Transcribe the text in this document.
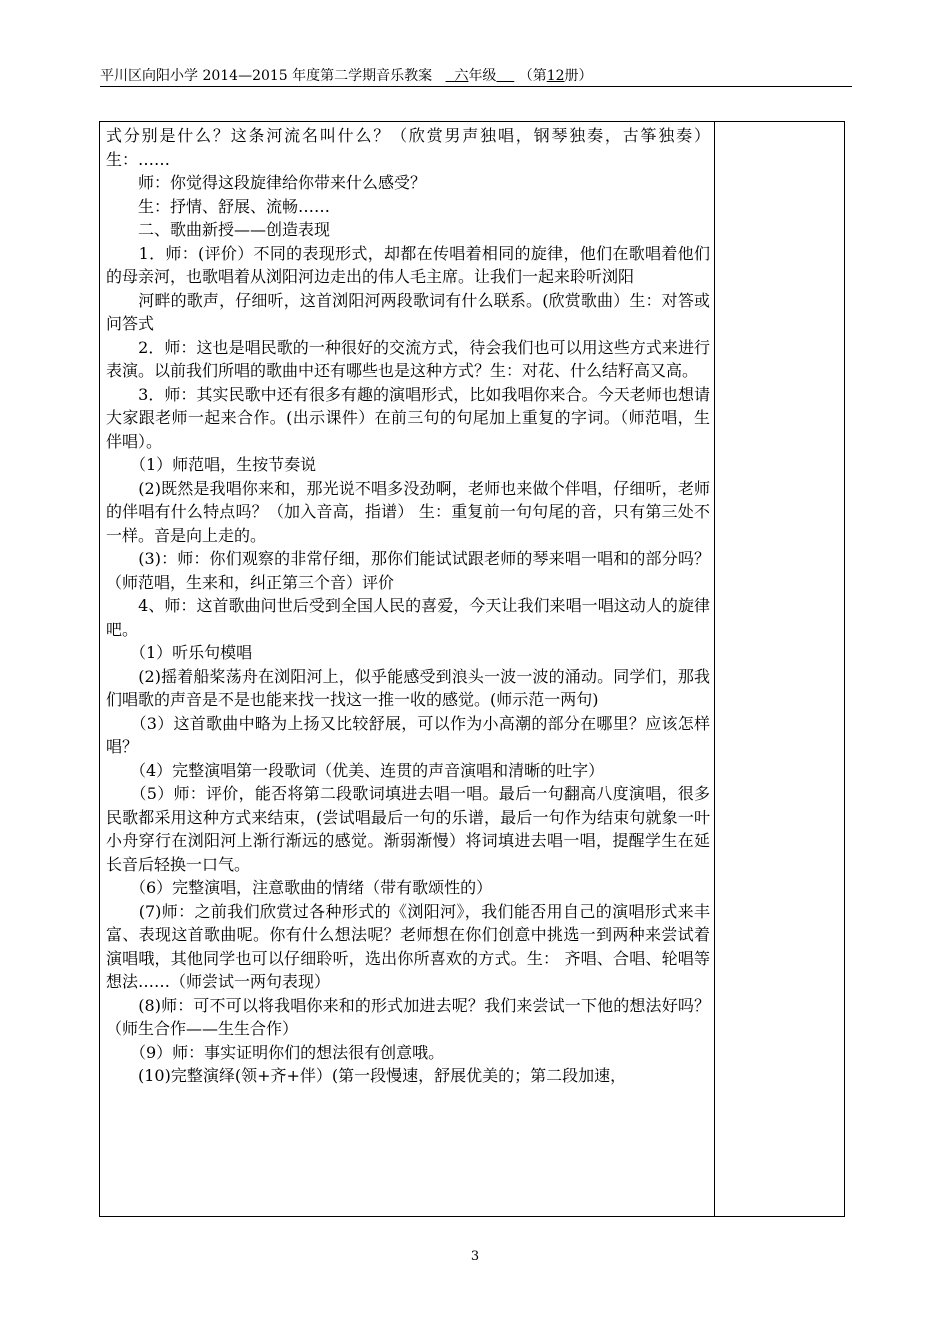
平川区向阳小学 2014—2015 年度第二学期音乐教案 六年级 （第12册）

式分别是什么？这条河流名叫什么？（欣赏男声独唱，钢琴独奏，古筝独奏） 生：……

　　师：你觉得这段旋律给你带来什么感受？

　　生：抒情、舒展、流畅……

　　二、歌曲新授——创造表现

　　1．师：(评价）不同的表现形式，却都在传唱着相同的旋律，他们在歌唱着他们的母亲河，也歌唱着从浏阳河边走出的伟人毛主席。让我们一起来聆听浏阳

　　河畔的歌声，仔细听，这首浏阳河两段歌词有什么联系。(欣赏歌曲）生：对答或问答式

　　2．师：这也是唱民歌的一种很好的交流方式，待会我们也可以用这些方式来进行表演。以前我们所唱的歌曲中还有哪些也是这种方式？生：对花、什么结籽高又高。

　　3．师：其实民歌中还有很多有趣的演唱形式，比如我唱你来合。今天老师也想请大家跟老师一起来合作。(出示课件）在前三句的句尾加上重复的字词。（师范唱，生伴唱）。

　　（1）师范唱，生按节奏说

　　(2)既然是我唱你来和，那光说不唱多没劲啊，老师也来做个伴唱，仔细听，老师的伴唱有什么特点吗？（加入音高，指谱） 生：重复前一句句尾的音，只有第三处不一样。音是向上走的。

　　(3)：师：你们观察的非常仔细，那你们能试试跟老师的琴来唱一唱和的部分吗？（师范唱，生来和，纠正第三个音）评价

　　4、师：这首歌曲问世后受到全国人民的喜爱，今天让我们来唱一唱这动人的旋律吧。

　　（1）听乐句模唱

　　(2)摇着船桨荡舟在浏阳河上，似乎能感受到浪头一波一波的涌动。同学们，那我们唱歌的声音是不是也能来找一找这一推一收的感觉。(师示范一两句)

　　（3）这首歌曲中略为上扬又比较舒展，可以作为小高潮的部分在哪里？应该怎样唱？

　　（4）完整演唱第一段歌词（优美、连贯的声音演唱和清晰的吐字）

　　（5）师：评价，能否将第二段歌词填进去唱一唱。最后一句翻高八度演唱，很多民歌都采用这种方式来结束，(尝试唱最后一句的乐谱，最后一句作为结束句就象一叶小舟穿行在浏阳河上渐行渐远的感觉。渐弱渐慢）将词填进去唱一唱，提醒学生在延长音后轻换一口气。

　　（6）完整演唱，注意歌曲的情绪（带有歌颂性的）

　　(7)师：之前我们欣赏过各种形式的《浏阳河》，我们能否用自己的演唱形式来丰富、表现这首歌曲呢。你有什么想法呢？老师想在你们创意中挑选一到两种来尝试着演唱哦，其他同学也可以仔细聆听，选出你所喜欢的方式。生： 齐唱、合唱、轮唱等想法……（师尝试一两句表现）

　　(8)师：可不可以将我唱你来和的形式加进去呢？我们来尝试一下他的想法好吗？（师生合作——生生合作）

　　（9）师：事实证明你们的想法很有创意哦。

　　(10)完整演绎(领+齐+伴）(第一段慢速，舒展优美的；第二段加速，

3
